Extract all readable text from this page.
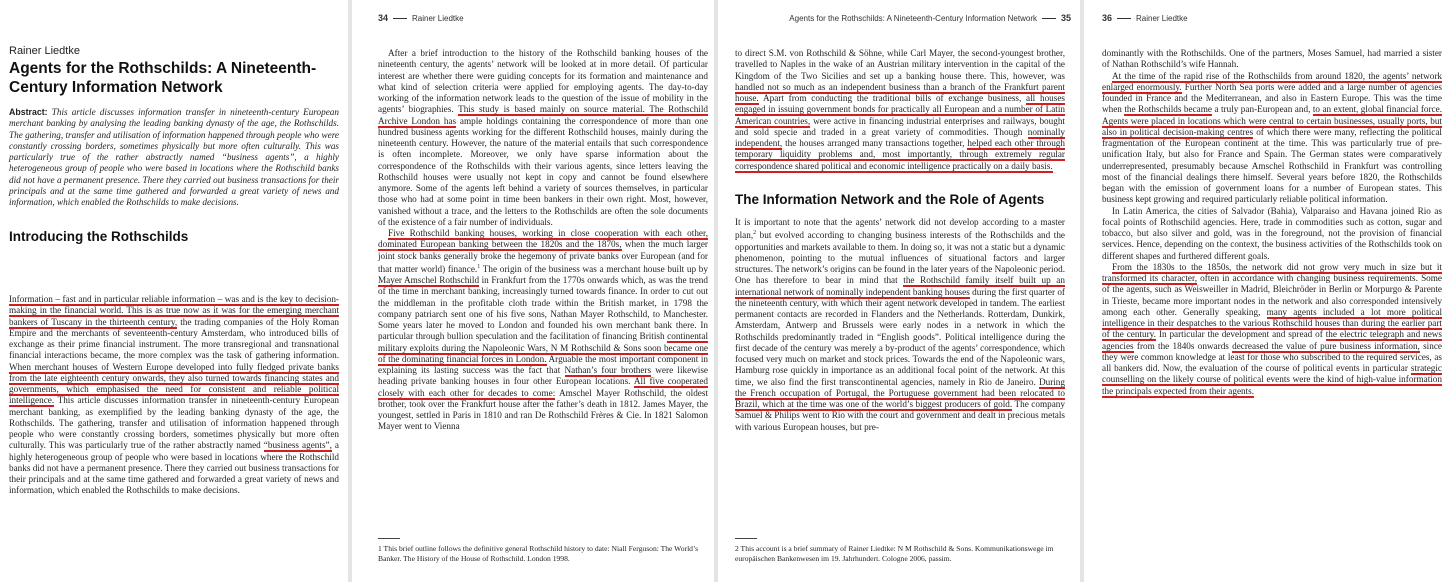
Rainer Liedtke
Agents for the Rothschilds: A Nineteenth-Century Information Network
Abstract: This article discusses information transfer in nineteenth-century European merchant banking by analysing the leading banking dynasty of the age, the Rothschilds. The gathering, transfer and utilisation of information happened through people who were constantly crossing borders, sometimes physically but more often culturally. This was particularly true of the rather abstractly named “business agents”, a highly heterogeneous group of people who were based in locations where the Rothschild banks did not have a permanent presence. There they carried out business transactions for their principals and at the same time gathered and forwarded a great variety of news and information, which enabled the Rothschilds to make decisions.
Introducing the Rothschilds

Information – fast and in particular reliable information – was and is the key to decision-making in the financial world. This is as true now as it was for the emerging merchant bankers of Tuscany in the thirteenth century, the trading companies of the Holy Roman Empire and the merchants of seventeenth-century Amsterdam, who introduced bills of exchange as their prime financial instrument. The more transregional and transnational financial interactions became, the more complex was the task of gathering information. When merchant houses of Western Europe developed into fully fledged private banks from the late eighteenth century onwards, they also turned towards financing states and governments, which emphasised the need for consistent and reliable political intelligence. This article discusses information transfer in nineteenth-century European merchant banking, as exemplified by the leading banking dynasty of the age, the Rothschilds. The gathering, transfer and utilisation of information happened through people who were constantly crossing borders, sometimes physically but more often culturally. This was particularly true of the rather abstractly named “business agents”, a highly heterogeneous group of people who were based in locations where the Rothschild banks did not have a permanent presence. There they carried out business transactions for their principals and at the same time gathered and forwarded a great variety of news and information, which enabled the Rothschilds to make decisions.

34	Rainer Liedtke

After a brief introduction to the history of the Rothschild banking houses of the nineteenth century, the agents’ network will be looked at in more detail. Of particular interest are whether there were guiding concepts for its formation and maintenance and what kind of selection criteria were applied for employing agents. The day-to-day working of the information network leads to the question of the issue of mobility in the agents’ biographies. This study is based mainly on source material. The Rothschild Archive London has ample holdings containing the correspondence of more than one hundred business agents working for the different Rothschild houses, mainly during the nineteenth century. However, the nature of the material entails that such correspondence is often incomplete. Moreover, we only have sparse information about the correspondence of the Rothschilds with their various agents, since letters leaving the Rothschild houses were usually not kept in copy and cannot be found elsewhere anymore. Some of the agents left behind a variety of sources themselves, in particular those who had at some point in time been bankers in their own right. Most, however, vanished without a trace, and the letters to the Rothschilds are often the sole documents of the existence of a fair number of individuals.

Five Rothschild banking houses, working in close cooperation with each other, dominated European banking between the 1820s and the 1870s, when the much larger joint stock banks generally broke the hegemony of private banks over European (and for that matter world) finance.$^1$ The origin of the business was a merchant house built up by Mayer Amschel Rothschild in Frankfurt from the 1770s onwards which, as was the trend of the time in merchant banking, increasingly turned towards finance. In order to cut out the middleman in the profitable cloth trade within the British market, in 1798 the company patriarch sent one of his five sons, Nathan Mayer Rothschild, to Manchester. Some years later he moved to London and founded his own merchant bank there. In particular through bullion speculation and the facilitation of financing British continental military exploits during the Napoleonic Wars, N M Rothschild & Sons soon became one of the dominating financial forces in London. Arguable the most important component in explaining its lasting success was the fact that Nathan’s four brothers were likewise heading private banking houses in four other European locations. All five cooperated closely with each other for decades to come: Amschel Mayer Rothschild, the oldest brother, took over the Frankfurt house after the father’s death in 1812. James Mayer, the youngest, settled in Paris in 1810 and ran De Rothschild Frères & Cie. In 1821 Salomon Mayer went to Vienna

1 This brief outline follows the definitive general Rothschild history to date: Niall Ferguson: The World’s Banker. The History of the House of Rothschild. London 1998.
Agents for the Rothschilds: A Nineteenth-Century Information Network	35

to direct S.M. von Rothschild & Söhne, while Carl Mayer, the second-youngest brother, travelled to Naples in the wake of an Austrian military intervention in the capital of the Kingdom of the Two Sicilies and set up a banking house there. This, however, was handled not so much as an independent business than a branch of the Frankfurt parent house. Apart from conducting the traditional bills of exchange business, all houses engaged in issuing government bonds for practically all European and a number of Latin American countries, were active in financing industrial enterprises and railways, bought and sold specie and traded in a great variety of commodities. Though nominally independent, the houses arranged many transactions together, helped each other through temporary liquidity problems and, most importantly, through extremely regular correspondence shared political and economic intelligence practically on a daily basis.

The Information Network and the Role of Agents

It is important to note that the agents’ network did not develop according to a master plan,$^2$ but evolved according to changing business interests of the Rothschilds and the opportunities and markets available to them. In doing so, it was not a static but a dynamic phenomenon, pointing to the mutual influences of situational factors and larger structures. The network’s origins can be found in the later years of the Napoleonic period. One has therefore to bear in mind that the Rothschild family itself built up an international network of nominally independent banking houses during the first quarter of the nineteenth century, with which their agent network developed in tandem. The earliest permanent contacts are recorded in Flanders and the Netherlands. Rotterdam, Dunkirk, Amsterdam, Antwerp and Brussels were early nodes in a network in which the Rothschilds predominantly traded in “English goods”. Political intelligence during the first decade of the century was merely a by-product of the agents’ correspondence, which focused very much on market and stock prices. Towards the end of the Napoleonic wars, Hamburg rose quickly in importance as an additional focal point of the network. At this time, we also find the first transcontinental agencies, namely in Rio de Janeiro. During the French occupation of Portugal, the Portuguese government had been relocated to Brazil, which at the time was one of the world’s biggest producers of gold. The company Samuel & Philips went to Rio with the court and government and dealt in precious metals with various European houses, but pre-

2 This account is a brief summary of Rainer Liedtke: N M Rothschild & Sons. Kommunikationswege im europäischen Bankenwesen im 19. Jahrhundert. Cologne 2006, passim.
36	Rainer Liedtke

dominantly with the Rothschilds. One of the partners, Moses Samuel, had married a sister of Nathan Rothschild’s wife Hannah.

At the time of the rapid rise of the Rothschilds from around 1820, the agents’ network enlarged enormously. Further North Sea ports were added and a large number of agencies founded in France and the Mediterranean, and also in Eastern Europe. This was the time when the Rothschilds became a truly pan-European and, to an extent, global financial force. Agents were placed in locations which were central to certain businesses, usually ports, but also in political decision-making centres of which there were many, reflecting the political fragmentation of the European continent at the time. This was particularly true of pre-unification Italy, but also for France and Spain. The German states were comparatively underrepresented, presumably because Amschel Rothschild in Frankfurt was controlling most of the financial dealings there himself. Several years before 1820, the Rothschilds began with the emission of government loans for a number of European states. This business kept growing and required particularly reliable political information.

In Latin America, the cities of Salvador (Bahia), Valparaiso and Havana joined Rio as focal points of Rothschild agencies. Here, trade in commodities such as cotton, sugar and tobacco, but also silver and gold, was in the foreground, not the provision of financial services. Hence, depending on the context, the business activities of the Rothschilds took on different shapes and furthered different goals.

From the 1830s to the 1850s, the network did not grow very much in size but it transformed its character, often in accordance with changing business requirements. Some of the agents, such as Weisweiller in Madrid, Bleichröder in Berlin or Morpurgo & Parente in Trieste, became more important nodes in the network and also corresponded intensively among each other. Generally speaking, many agents included a lot more political intelligence in their despatches to the various Rothschild houses than during the earlier part of the century. In particular the development and spread of the electric telegraph and news agencies from the 1840s onwards decreased the value of pure business information, since they were common knowledge at least for those who subscribed to the required services, as all bankers did. Now, the evaluation of the course of political events in particular strategic counselling on the likely course of political events were the kind of high-value information the principals expected from their agents.
